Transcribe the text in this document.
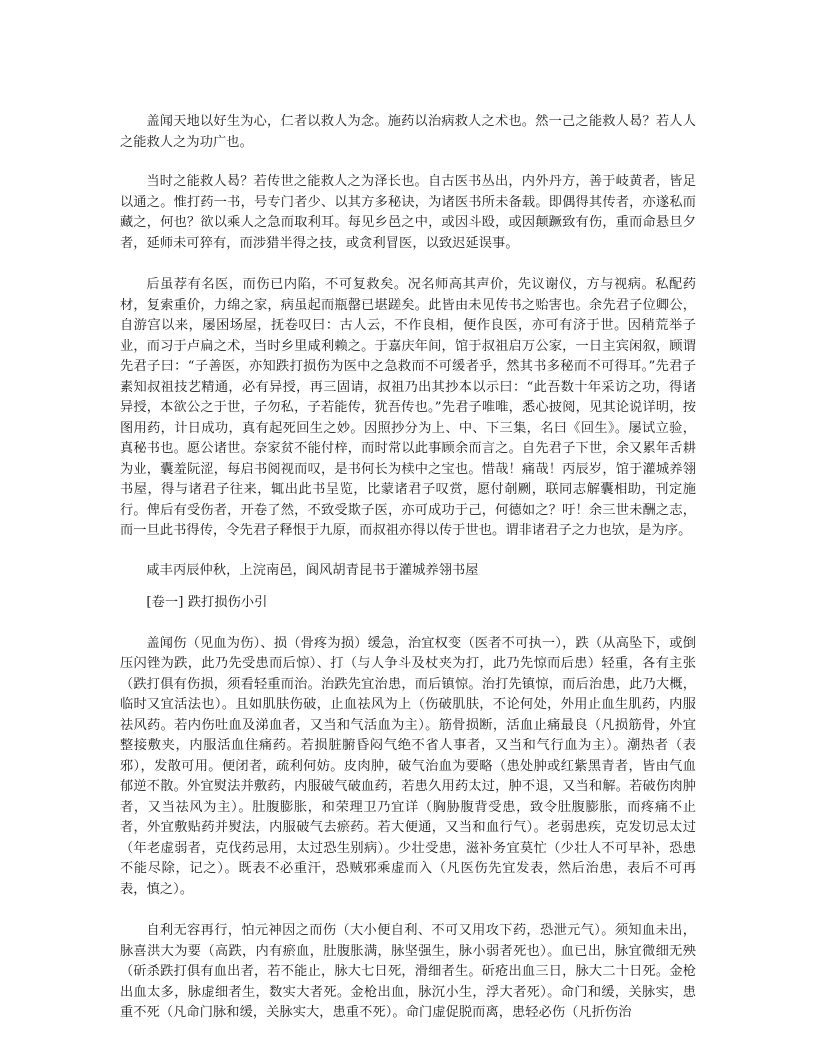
盖闻天地以好生为心，仁者以救人为念。施药以治病救人之术也。然一己之能救人曷？若人人之能救人之为功广也。

当时之能救人曷？若传世之能救人之为泽长也。自古医书丛出，内外丹方，善于岐黄者，皆足以通之。惟打药一书，号专门者少、以其方多秘诀，为诸医书所未备载。即偶得其传者，亦遂私而藏之，何也？欲以乘人之急而取利耳。每见乡邑之中，或因斗殴，或因颠蹶致有伤，重而命悬旦夕者，延师未可猝有，而涉猎半得之技，或贪利冒医，以致迟延误事。

后虽荐有名医，而伤已内陷，不可复救矣。况名师高其声价，先议谢仪，方与视病。私配药材，复索重价，力绵之家，病虽起而瓶罄已堪蹉矣。此皆由未见传书之贻害也。余先君子位卿公，自游宫以来，屡困场屋，抚卷叹曰：古人云，不作良相，便作良医，亦可有济于世。因稍荒举子业，而习于卢扁之术，当时乡里咸利赖之。于嘉庆年间，馆于叔祖启万公家，一日主宾闲叙，顾谓先君子曰：“子善医，亦知跌打损伤为医中之急救而不可缓者乎，然其书多秘而不可得耳。”先君子素知叔祖技艺精通，必有异授，再三固请，叔祖乃出其抄本以示曰：“此吾数十年采访之功，得诸异授，本欲公之于世，子勿私，子若能传，犹吾传也。”先君子唯唯，悉心披阅，见其论说详明，按图用药，计日成功，真有起死回生之妙。因照抄分为上、中、下三集，名曰《回生》。屡试立验，真秘书也。愿公诸世。奈家贫不能付梓，而时常以此事顾余而言之。自先君子下世，余又累年舌耕为业，囊羞阮涩，每启书阅视而叹，是书何长为椟中之宝也。惜哉！痛哉！丙辰岁，馆于灌城养翎书屋，得与诸君子往来，辄出此书呈览，比蒙诸君子叹赏，愿付剞劂，联同志解囊相助，刊定施行。俾后有受伤者，开卷了然，不致受欺子医，亦可成功于己，何德如之？吁！余三世未酬之志，而一旦此书得传，令先君子释恨于九原，而叔祖亦得以传于世也。谓非诸君子之力也欤，是为序。

咸丰丙辰仲秋，上浣南邑，阆风胡青昆书于灌城养翎书屋

[卷一] 跌打损伤小引

盖闻伤（见血为伤）、损（骨疼为损）缓急，治宜权变（医者不可执一），跌（从高坠下，或倒压闪锉为跌，此乃先受患而后惊）、打（与人争斗及杖夹为打，此乃先惊而后患）轻重，各有主张（跌打俱有伤损，须看轻重而治。治跌先宜治患，而后镇惊。治打先镇惊，而后治患，此乃大概，临时又宜活法也）。且如肌肤伤破，止血祛风为上（伤破肌肤，不论何处，外用止血生肌药，内服祛风药。若内伤吐血及涕血者，又当和气活血为主）。筋骨损断，活血止痛最良（凡损筋骨，外宜整接敷夹，内服活血住痛药。若损脏腑昏闷气绝不省人事者，又当和气行血为主）。潮热者（表邪），发散可用。便闭者，疏利何妨。皮肉肿，破气治血为要略（患处肿或红紫黑青者，皆由气血郁逆不散。外宜熨法并敷药，内服破气破血药，若患久用药太过，肿不退，又当和解。若破伤肉肿者，又当祛风为主）。肚腹膨胀，和荣理卫乃宜详（胸胁腹背受患，致令肚腹膨胀，而疼痛不止者，外宜敷贴药并熨法，内服破气去瘀药。若大便通，又当和血行气）。老弱患疾，克发切忌太过（年老虚弱者，克伐药忌用，太过恐生别病）。少壮受患，滋补务宜莫忙（少壮人不可早补，恐患不能尽除，记之）。既表不必重汗，恐贼邪乘虚而入（凡医伤先宜发表，然后治患，表后不可再表，慎之）。

自利无容再行，怕元神因之而伤（大小便自利、不可又用攻下药，恐泄元气）。须知血未出，脉喜洪大为要（高跌，内有瘀血，肚腹胀满，脉坚强生，脉小弱者死也）。血已出，脉宜微细无殃（斫杀跌打俱有血出者，若不能止，脉大七日死，滑细者生。斫疮出血三日，脉大二十日死。金枪出血太多，脉虚细者生，数实大者死。金枪出血，脉沉小生，浮大者死）。命门和缓，关脉实，患重不死（凡命门脉和缓，关脉实大，患重不死）。命门虚促脱而离，患轻必伤（凡折伤治
